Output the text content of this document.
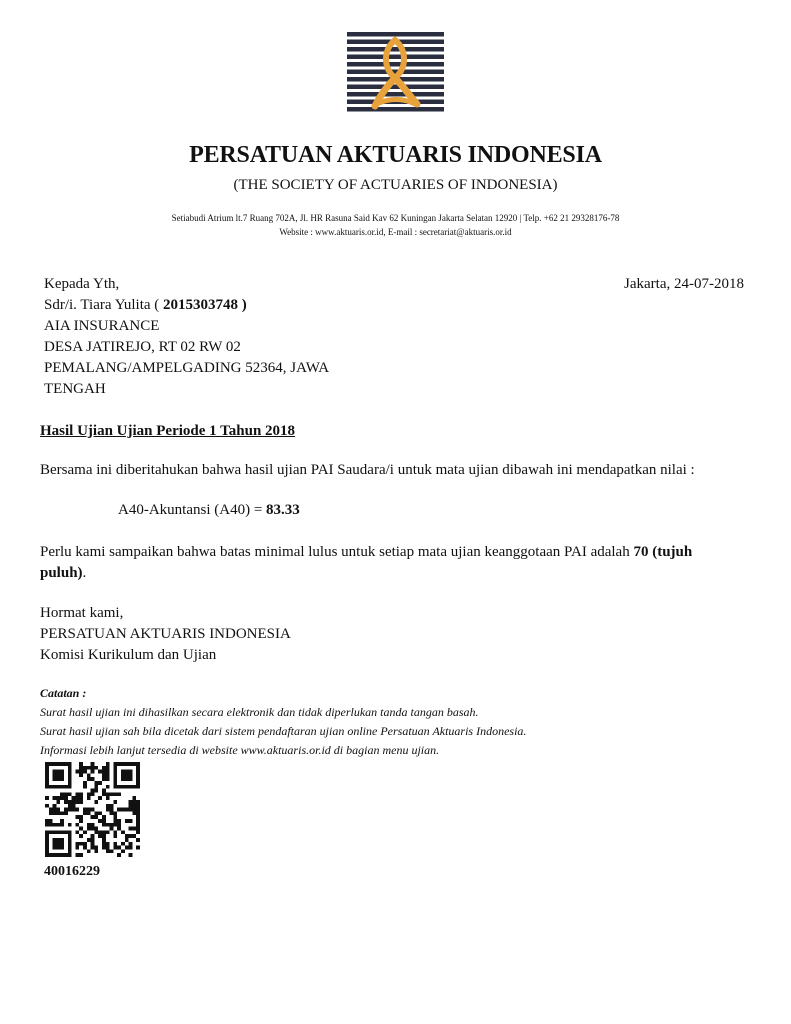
PERSATUAN AKTUARIS INDONESIA
(THE SOCIETY OF ACTUARIES OF INDONESIA)
Setiabudi Atrium lt.7 Ruang 702A, Jl. HR Rasuna Said Kav 62 Kuningan Jakarta Selatan 12920 | Telp. +62 21 29328176-78
Website : www.aktuaris.or.id, E-mail : secretariat@aktuaris.or.id
Kepada Yth,
Sdr/i. Tiara Yulita ( 2015303748 )
AIA INSURANCE
DESA JATIREJO, RT 02 RW 02
PEMALANG/AMPELGADING 52364, JAWA
TENGAH
Jakarta, 24-07-2018
Hasil Ujian Ujian Periode 1 Tahun 2018
Bersama ini diberitahukan bahwa hasil ujian PAI Saudara/i untuk mata ujian dibawah ini mendapatkan nilai :
A40-Akuntansi (A40) = 83.33
Perlu kami sampaikan bahwa batas minimal lulus untuk setiap mata ujian keanggotaan PAI adalah 70 (tujuh puluh).
Hormat kami,
PERSATUAN AKTUARIS INDONESIA
Komisi Kurikulum dan Ujian
Catatan :
Surat hasil ujian ini dihasilkan secara elektronik dan tidak diperlukan tanda tangan basah.
Surat hasil ujian sah bila dicetak dari sistem pendaftaran ujian online Persatuan Aktuaris Indonesia.
Informasi lebih lanjut tersedia di website www.aktuaris.or.id di bagian menu ujian.
40016229
